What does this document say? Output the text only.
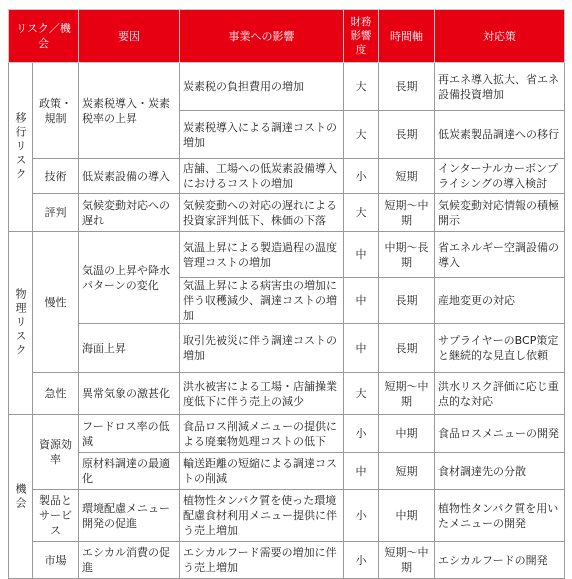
リスク／機会		要因	事業への影響	財務影響度	時間軸	対応策
移行リスク	政策・規制	炭素税導入・炭素税率の上昇	炭素税の負担費用の増加	大	長期	再エネ導入拡大、省エネ設備投資増加
			炭素税導入による調達コストの増加	大	長期	低炭素製品調達への移行
	技術	低炭素設備の導入	店舗、工場への低炭素設備導入におけるコストの増加	小	短期	インターナルカーボンプライシングの導入検討
	評判	気候変動対応への遅れ	気候変動への対応の遅れによる投資家評判低下、株価の下落	大	短期～中期	気候変動対応情報の積極開示
物理リスク	慢性	気温の上昇や降水パターンの変化	気温上昇による製造過程の温度管理コストの増加	中	中期～長期	省エネルギー空調設備の導入
			気温上昇による病害虫の増加に伴う収穫減少、調達コストの増加	中	長期	産地変更の対応
		海面上昇	取引先被災に伴う調達コストの増加	中	長期	サプライヤーのBCP策定と継続的な見直し依頼
	急性	異常気象の激甚化	洪水被害による工場・店舗操業度低下に伴う売上の減少	大	短期～中期	洪水リスク評価に応じ重点的な対応
機会	資源効率	フードロス率の低減	食品ロス削減メニューの提供による廃棄物処理コストの低下	小	中期	食品ロスメニューの開発
		原材料調達の最適化	輸送距離の短縮による調達コストの削減	中	短期	食材調達先の分散
	製品とサービス	環境配慮メニュー開発の促進	植物性タンパク質を使った環境配慮食材利用メニュー提供に伴う売上増加	小	中期	植物性タンパク質を用いたメニューの開発
	市場	エシカル消費の促進	エシカルフード需要の増加に伴う売上増加	小	短期～中期	エシカルフードの開発
